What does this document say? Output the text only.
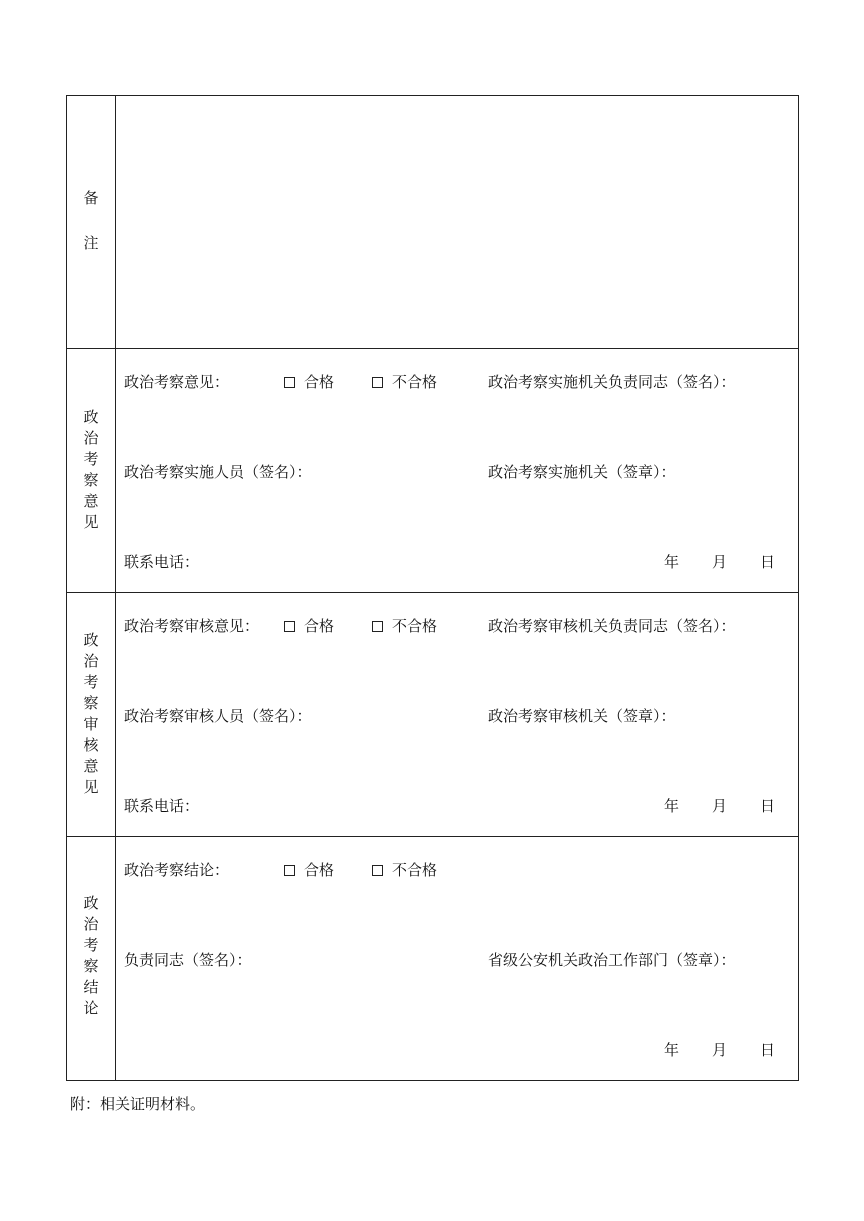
备
注
政
治
考
察
意
见
政治考察意见：	合格	不合格	政治考察实施机关负责同志（签名）：
政治考察实施人员（签名）：	政治考察实施机关（签章）：
联系电话：	年 月 日
政
治
考
察
审
核
意
见
政治考察审核意见：	合格	不合格	政治考察审核机关负责同志（签名）：
政治考察审核人员（签名）：	政治考察审核机关（签章）：
联系电话：	年 月 日
政
治
考
察
结
论
政治考察结论：	合格	不合格
负责同志（签名）：	省级公安机关政治工作部门（签章）：
年 月 日
附：相关证明材料。
